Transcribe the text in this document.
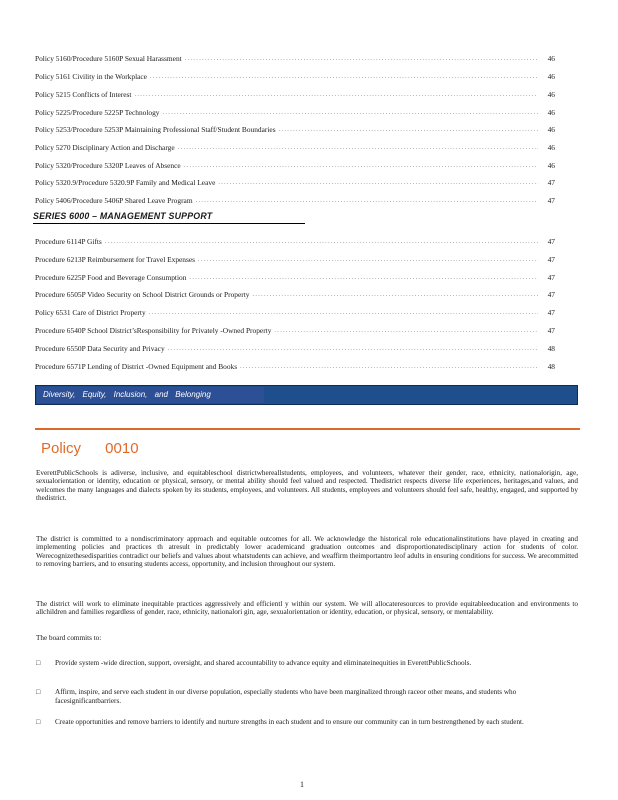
Policy 5160/Procedure 5160P Sexual Harassment .....	46
Policy 5161 Civility in the Workplace .....	46
Policy 5215 Conflicts of Interest .....	46
Policy 5225/Procedure 5225P Technology .....	46
Policy 5253/Procedure 5253P Maintaining Professional Staff/Student Boundaries .....	46
Policy 5270 Disciplinary Action and Discharge .....	46
Policy 5320/Procedure 5320P Leaves of Absence .....	46
Policy 5320.9/Procedure 5320.9P Family and Medical Leave .....	47
Policy 5406/Procedure 5406P Shared Leave Program .....	47
SERIES 6000 – MANAGEMENT SUPPORT
Procedure 6114P Gifts .....	47
Procedure 6213P Reimbursement for Travel Expenses .....	47
Procedure 6225P Food and Beverage Consumption .....	47
Procedure 6505P Video Security on School District Grounds or Property .....	47
Policy 6531 Care of District Property .....	47
Procedure 6540P School District’sResponsibility for Privately -Owned Property .....	47
Procedure 6550P Data Security and Privacy .....	48
Procedure 6571P Lending of District -Owned Equipment and Books .....	48
Diversity, Equity, Inclusion, and Belonging
Policy 0010
EverettPublicSchools is adiverse, inclusive, and equitableschool districtwhereallstudents, employees, and volunteers, whatever their gender, race, ethnicity, nationalorigin, age, sexualorientation or identity, education or physical, sensory, or mental ability should feel valued and respected. Thedistrict respects diverse life experiences, heritages,and values, and welcomes the many languages and dialects spoken by its students, employees, and volunteers. All students, employees and volunteers should feel safe, healthy, engaged, and supported by thedistrict.
The district is committed to a nondiscriminatory approach and equitable outcomes for all. We acknowledge the historical role educationalinstitutions have played in creating and implementing policies and practices th atresult in predictably lower academicand graduation outcomes and disproportionatedisciplinary action for students of color. Werecognizethesedisparities contradict our beliefs and values about whatstudents can achieve, and weaffirm theimportantro leof adults in ensuring conditions for success. We arecommitted to removing barriers, and to ensuring students access, opportunity, and inclusion throughout our system.
The district will work to eliminate inequitable practices aggressively and efficientl y within our system. We will allocateresources to provide equitableeducation and environments to allchildren and families regardless of gender, race, ethnicity, nationalori gin, age, sexualorientation or identity, education, or physical, sensory, or mentalability.
The board commits to:
□	Provide system -wide direction, support, oversight, and shared accountability to advance equity and eliminateinequities in EverettPublicSchools.
□	Affirm, inspire, and serve each student in our diverse population, especially students who have been marginalized through raceor other means, and students who facesignificantbarriers.
□	Create opportunities and remove barriers to identify and nurture strengths in each student and to ensure our community can in turn bestrengthened by each student.
1
